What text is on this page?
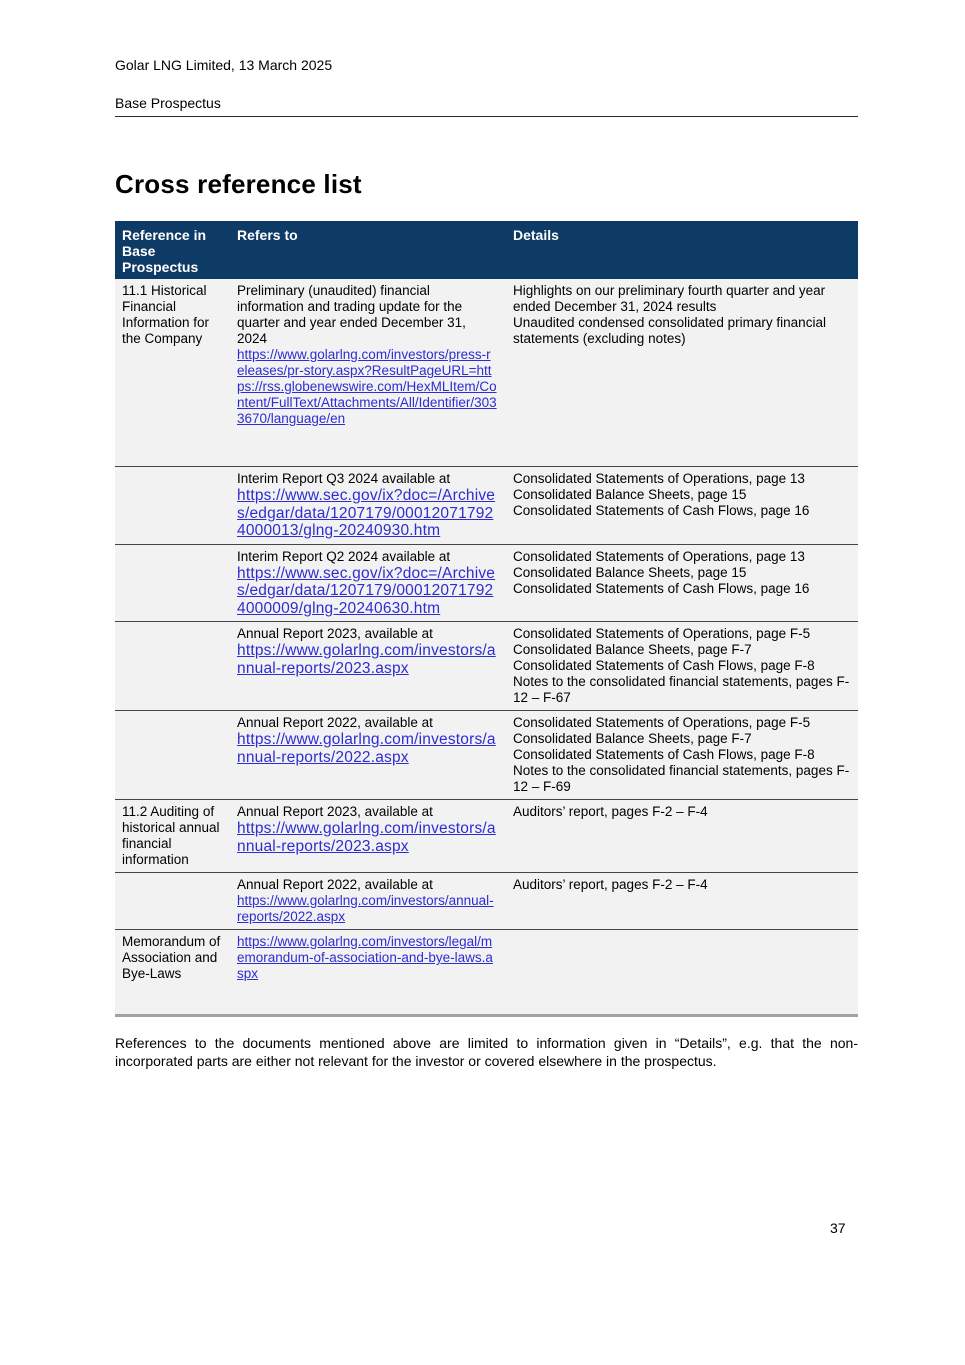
Golar LNG Limited, 13 March 2025
Base Prospectus
Cross reference list
Reference in Base Prospectus
Refers to	Details
11.1 Historical Financial Information for the Company
Preliminary (unaudited) financial information and trading update for the quarter and year ended December 31, 2024
https://www.golarlng.com/investors/press-releases/pr-story.aspx?ResultPageURL=https://rss.globenewswire.com/HexMLItem/Content/FullText/Attachments/All/Identifier/3033670/language/en
Highlights on our preliminary fourth quarter and year ended December 31, 2024 results
Unaudited condensed consolidated primary financial statements (excluding notes)
Interim Report Q3 2024 available at
https://www.sec.gov/ix?doc=/Archives/edgar/data/1207179/000120717924000013/glng-20240930.htm
Consolidated Statements of Operations, page 13
Consolidated Balance Sheets, page 15
Consolidated Statements of Cash Flows, page 16
Interim Report Q2 2024 available at
https://www.sec.gov/ix?doc=/Archives/edgar/data/1207179/000120717924000009/glng-20240630.htm
Consolidated Statements of Operations, page 13
Consolidated Balance Sheets, page 15
Consolidated Statements of Cash Flows, page 16
Annual Report 2023, available at
https://www.golarlng.com/investors/annual-reports/2023.aspx
Consolidated Statements of Operations, page F-5
Consolidated Balance Sheets, page F-7
Consolidated Statements of Cash Flows, page F-8
Notes to the consolidated financial statements, pages F-12 – F-67
Annual Report 2022, available at
https://www.golarlng.com/investors/annual-reports/2022.aspx
Consolidated Statements of Operations, page F-5
Consolidated Balance Sheets, page F-7
Consolidated Statements of Cash Flows, page F-8
Notes to the consolidated financial statements, pages F-12 – F-69
11.2 Auditing of historical annual financial information
Annual Report 2023, available at
https://www.golarlng.com/investors/annual-reports/2023.aspx
Auditors’ report, pages F-2 – F-4
Annual Report 2022, available at
https://www.golarlng.com/investors/annual-reports/2022.aspx
Auditors’ report, pages F-2 – F-4
Memorandum of Association and Bye-Laws
https://www.golarlng.com/investors/legal/memorandum-of-association-and-bye-laws.aspx

References to the documents mentioned above are limited to information given in “Details”, e.g. that the non-incorporated parts are either not relevant for the investor or covered elsewhere in the prospectus.

37
